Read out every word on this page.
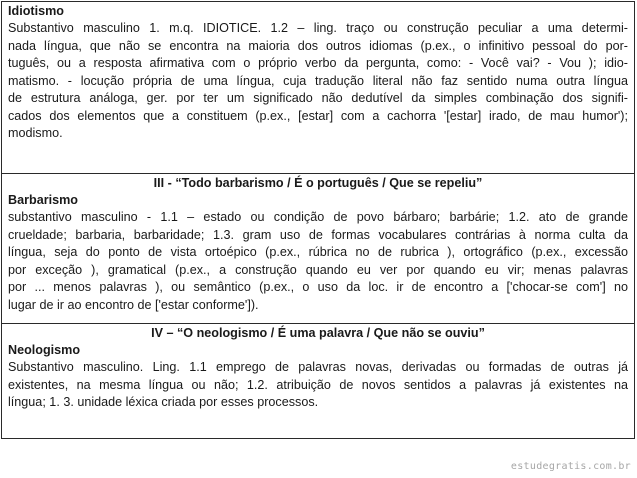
Idiotismo
Substantivo masculino 1. m.q. IDIOTICE. 1.2 – ling. traço ou construção peculiar a uma determi-
nada língua, que não se encontra na maioria dos outros idiomas (p.ex., o infinitivo pessoal do por-
tuguês, ou a resposta afirmativa com o próprio verbo da pergunta, como: - Você vai? - Vou ); idio-
matismo. - locução própria de uma língua, cuja tradução literal não faz sentido numa outra língua
de estrutura análoga, ger. por ter um significado não dedutível da simples combinação dos signifi-
cados dos elementos que a constituem (p.ex., [estar] com a cachorra '[estar] irado, de mau humor');
modismo.
III - “Todo barbarismo / É o português / Que se repeliu”
Barbarismo
substantivo masculino - 1.1 – estado ou condição de povo bárbaro; barbárie; 1.2. ato de grande
crueldade; barbaria, barbaridade; 1.3. gram uso de formas vocabulares contrárias à norma culta da
língua, seja do ponto de vista ortoépico (p.ex., rúbrica no de rubrica ), ortográfico (p.ex., excessão
por exceção ), gramatical (p.ex., a construção quando eu ver por quando eu vir; menas palavras
por ... menos palavras ), ou semântico (p.ex., o uso da loc. ir de encontro a ['chocar-se com'] no
lugar de ir ao encontro de ['estar conforme']).
IV – “O neologismo / É uma palavra / Que não se ouviu”
Neologismo
Substantivo masculino. Ling. 1.1 emprego de palavras novas, derivadas ou formadas de outras já
existentes, na mesma língua ou não; 1.2. atribuição de novos sentidos a palavras já existentes na
língua; 1. 3. unidade léxica criada por esses processos.
estudegratis.com.br
